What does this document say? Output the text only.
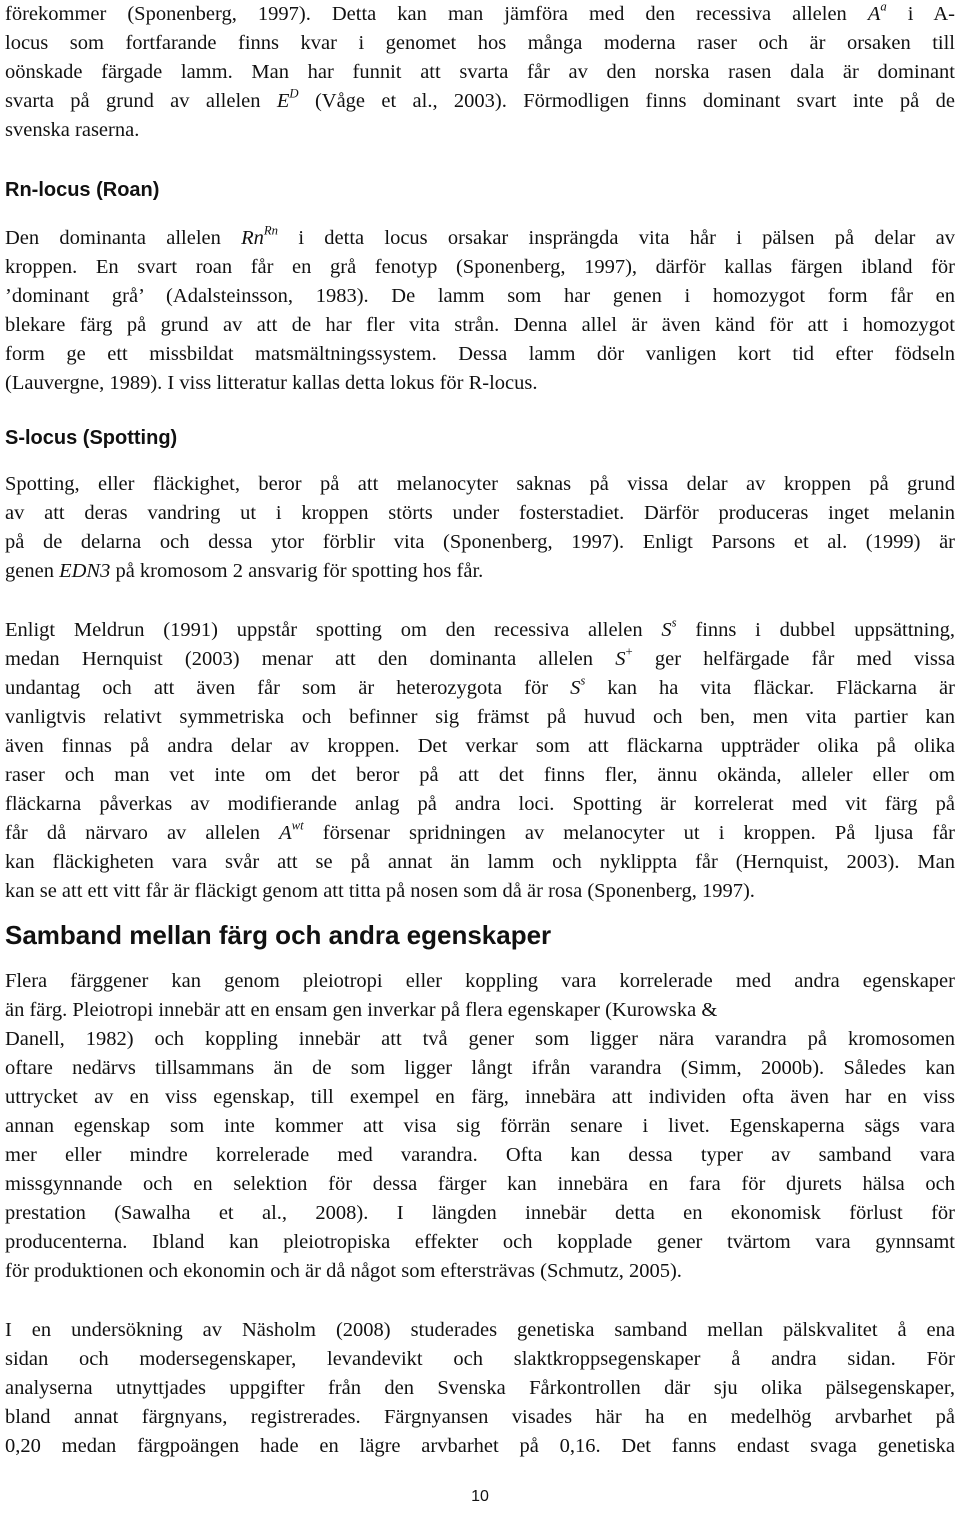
förekommer (Sponenberg, 1997). Detta kan man jämföra med den recessiva allelen $A^a$ i A-
locus som fortfarande finns kvar i genomet hos många moderna raser och är orsaken till
oönskade färgade lamm. Man har funnit att svarta får av den norska rasen dala är dominant
svarta på grund av allelen $E^D$ (Våge et al., 2003). Förmodligen finns dominant svart inte på de
svenska raserna.
Rn-locus (Roan)
Den dominanta allelen $Rn^{Rn}$ i detta locus orsakar insprängda vita hår i pälsen på delar av
kroppen. En svart roan får en grå fenotyp (Sponenberg, 1997), därför kallas färgen ibland för
’dominant grå’ (Adalsteinsson, 1983). De lamm som har genen i homozygot form får en
blekare färg på grund av att de har fler vita strån. Denna allel är även känd för att i homozygot
form ge ett missbildat matsmältningssystem. Dessa lamm dör vanligen kort tid efter födseln
(Lauvergne, 1989). I viss litteratur kallas detta lokus för R-locus.
S-locus (Spotting)
Spotting, eller fläckighet, beror på att melanocyter saknas på vissa delar av kroppen på grund
av att deras vandring ut i kroppen störts under fosterstadiet. Därför produceras inget melanin
på de delarna och dessa ytor förblir vita (Sponenberg, 1997). Enligt Parsons et al. (1999) är
genen EDN3 på kromosom 2 ansvarig för spotting hos får.
Enligt Meldrun (1991) uppstår spotting om den recessiva allelen $S^s$ finns i dubbel uppsättning,
medan Hernquist (2003) menar att den dominanta allelen S+ ger helfärgade får med vissa
undantag och att även får som är heterozygota för $S^s$ kan ha vita fläckar. Fläckarna är
vanligtvis relativt symmetriska och befinner sig främst på huvud och ben, men vita partier kan
även finnas på andra delar av kroppen. Det verkar som att fläckarna uppträder olika på olika
raser och man vet inte om det beror på att det finns fler, ännu okända, alleler eller om
fläckarna påverkas av modifierande anlag på andra loci. Spotting är korrelerat med vit färg på
får då närvaro av allelen $A^{wt}$ försenar spridningen av melanocyter ut i kroppen. På ljusa får
kan fläckigheten vara svår att se på annat än lamm och nyklippta får (Hernquist, 2003). Man
kan se att ett vitt får är fläckigt genom att titta på nosen som då är rosa (Sponenberg, 1997).
Samband mellan färg och andra egenskaper
Flera färggener kan genom pleiotropi eller koppling vara korrelerade med andra egenskaper
än färg. Pleiotropi innebär att en ensam gen inverkar på flera egenskaper (Kurowska &
Danell, 1982) och koppling innebär att två gener som ligger nära varandra på kromosomen
oftare nedärvs tillsammans än de som ligger långt ifrån varandra (Simm, 2000b). Således kan
uttrycket av en viss egenskap, till exempel en färg, innebära att individen ofta även har en viss
annan egenskap som inte kommer att visa sig förrän senare i livet. Egenskaperna sägs vara
mer eller mindre korrelerade med varandra. Ofta kan dessa typer av samband vara
missgynnande och en selektion för dessa färger kan innebära en fara för djurets hälsa och
prestation (Sawalha et al., 2008). I längden innebär detta en ekonomisk förlust för
producenterna. Ibland kan pleiotropiska effekter och kopplade gener tvärtom vara gynnsamt
för produktionen och ekonomin och är då något som eftersträvas (Schmutz, 2005).
I en undersökning av Näsholm (2008) studerades genetiska samband mellan pälskvalitet å ena
sidan och modersegenskaper, levandevikt och slaktkroppsegenskaper å andra sidan. För
analyserna utnyttjades uppgifter från den Svenska Fårkontrollen där sju olika pälsegenskaper,
bland annat färgnyans, registrerades. Färgnyansen visades här ha en medelhög arvbarhet på
0,20 medan färgpoängen hade en lägre arvbarhet på 0,16. Det fanns endast svaga genetiska
10
